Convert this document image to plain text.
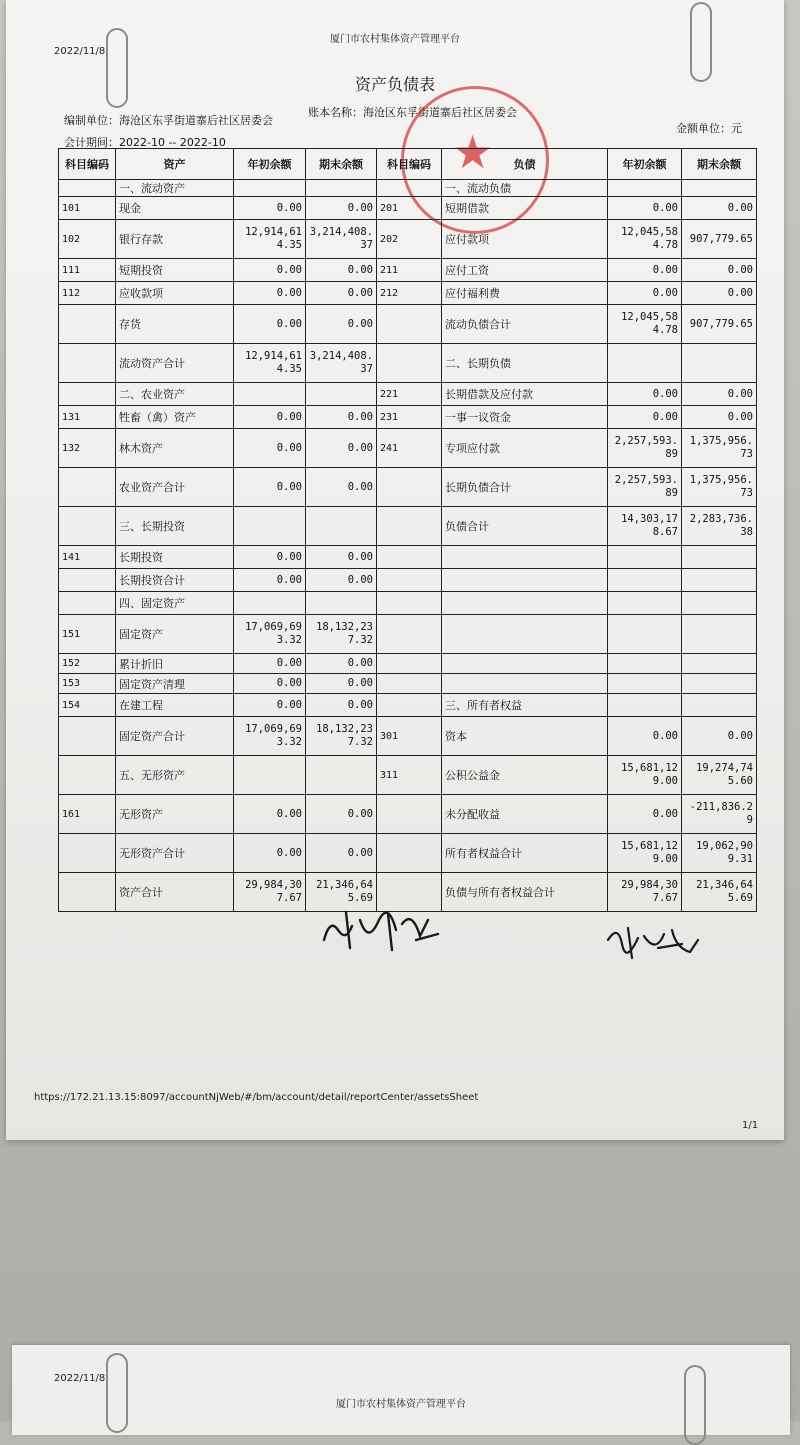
2022/11/8
厦门市农村集体资产管理平台
资产负债表
编制单位：海沧区东孚街道寨后社区居委会
账本名称：海沧区东孚街道寨后社区居委会
会计期间：2022-10 -- 2022-10
金额单位：元
★
科目编码	资产	年初余额	期末余额	科目编码	负债	年初余额	期末余额
	一、流动资产				一、流动负债		
101	现金	0.00	0.00	201	短期借款	0.00	0.00
102	银行存款	12,914,614.35	3,214,408.37	202	应付款项	12,045,584.78	907,779.65
111	短期投资	0.00	0.00	211	应付工资	0.00	0.00
112	应收款项	0.00	0.00	212	应付福利费	0.00	0.00
	存货	0.00	0.00		流动负债合计	12,045,584.78	907,779.65
	流动资产合计	12,914,614.35	3,214,408.37		二、长期负债		
	二、农业资产			221	长期借款及应付款	0.00	0.00
131	牲畜（禽）资产	0.00	0.00	231	一事一议资金	0.00	0.00
132	林木资产	0.00	0.00	241	专项应付款	2,257,593.89	1,375,956.73
	农业资产合计	0.00	0.00		长期负债合计	2,257,593.89	1,375,956.73
	三、长期投资				负债合计	14,303,178.67	2,283,736.38
141	长期投资	0.00	0.00				
	长期投资合计	0.00	0.00				
	四、固定资产						
151	固定资产	17,069,693.32	18,132,237.32				
152	累计折旧	0.00	0.00				
153	固定资产清理	0.00	0.00				
154	在建工程	0.00	0.00		三、所有者权益		
	固定资产合计	17,069,693.32	18,132,237.32	301	资本	0.00	0.00
	五、无形资产			311	公积公益金	15,681,129.00	19,274,745.60
161	无形资产	0.00	0.00		未分配收益	0.00	-211,836.29
	无形资产合计	0.00	0.00		所有者权益合计	15,681,129.00	19,062,909.31
	资产合计	29,984,307.67	21,346,645.69		负债与所有者权益合计	29,984,307.67	21,346,645.69
https://172.21.13.15:8097/accountNjWeb/#/bm/account/detail/reportCenter/assetsSheet
1/1
2022/11/8
厦门市农村集体资产管理平台
